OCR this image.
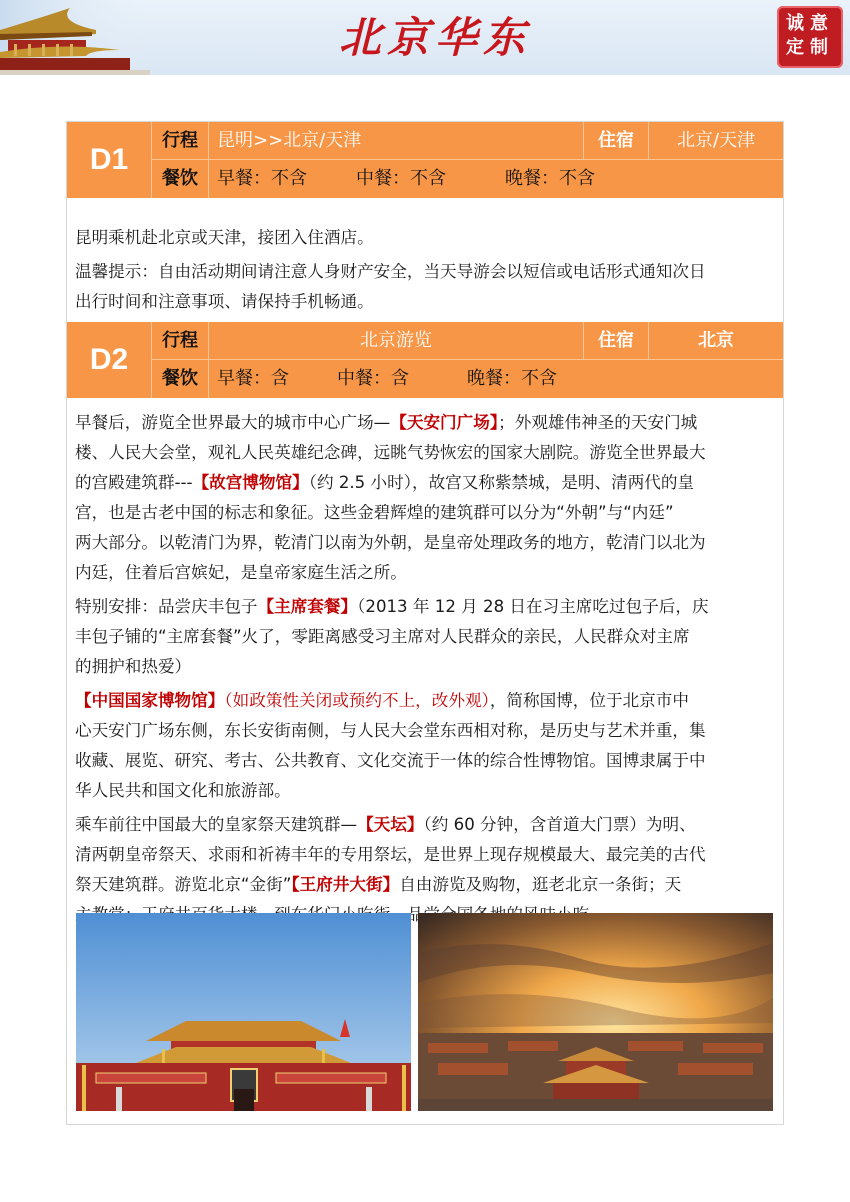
北京华东	诚意
定制
D1
行程	昆明>>北京/天津	住宿	北京/天津
餐饮	早餐：不含	中餐：不含	晚餐：不含

昆明乘机赴北京或天津，接团入住酒店。

温馨提示：自由活动期间请注意人身财产安全，当天导游会以短信或电话形式通知次日

出行时间和注意事项、请保持手机畅通。

D2
行程	北京游览	住宿	北京
餐饮	早餐：含	中餐：含	晚餐：不含

早餐后，游览全世界最大的城市中心广场—【天安门广场】；外观雄伟神圣的天安门城

楼、人民大会堂，观礼人民英雄纪念碑，远眺气势恢宏的国家大剧院。游览全世界最大

的宫殿建筑群---【故宫博物馆】（约 2.5 小时），故宫又称紫禁城，是明、清两代的皇

宫，也是古老中国的标志和象征。这些金碧辉煌的建筑群可以分为“外朝”与“内廷”

两大部分。以乾清门为界，乾清门以南为外朝，是皇帝处理政务的地方，乾清门以北为

内廷，住着后宫嫔妃，是皇帝家庭生活之所。

特别安排：品尝庆丰包子【主席套餐】（2013 年 12 月 28 日在习主席吃过包子后，庆

丰包子铺的“主席套餐”火了，零距离感受习主席对人民群众的亲民，人民群众对主席

的拥护和热爱）

【中国国家博物馆】（如政策性关闭或预约不上，改外观），简称国博，位于北京市中

心天安门广场东侧，东长安街南侧，与人民大会堂东西相对称，是历史与艺术并重，集

收藏、展览、研究、考古、公共教育、文化交流于一体的综合性博物馆。国博隶属于中

华人民共和国文化和旅游部。

乘车前往中国最大的皇家祭天建筑群—【天坛】（约 60 分钟，含首道大门票）为明、

清两朝皇帝祭天、求雨和祈祷丰年的专用祭坛，是世界上现存规模最大、最完美的古代

祭天建筑群。游览北京“金街”【王府井大街】自由游览及购物，逛老北京一条街；天
